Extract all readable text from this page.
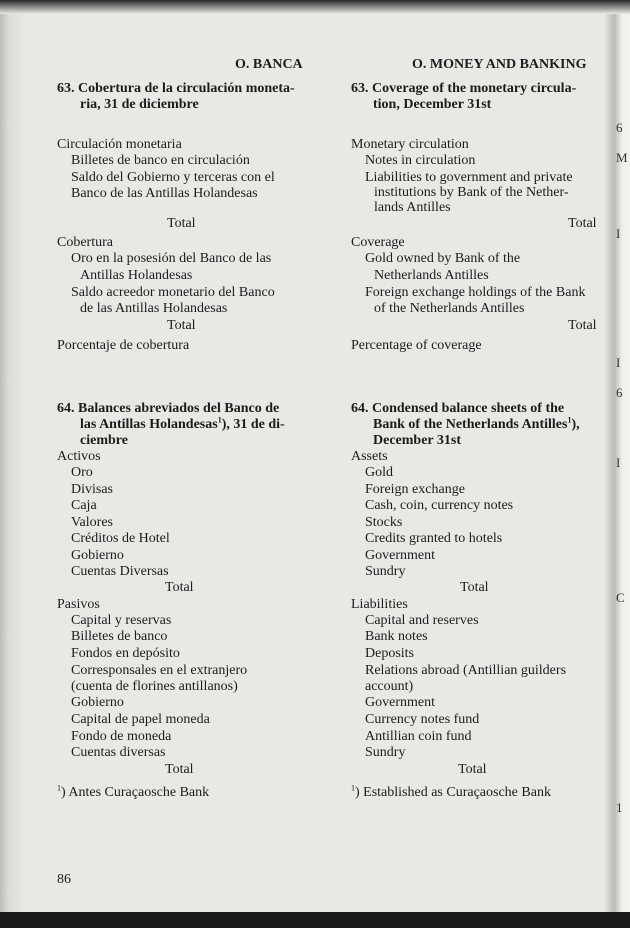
O. BANCA	O. MONEY AND BANKING
63. Cobertura de la circulación moneta-
ria, 31 de diciembre
63. Coverage of the monetary circula-
tion, December 31st
Circulación monetaria
Billetes de banco en circulación
Saldo del Gobierno y terceras con el
Banco de las Antillas Holandesas
Total
Cobertura
Oro en la posesión del Banco de las
Antillas Holandesas
Saldo acreedor monetario del Banco
de las Antillas Holandesas
Total
Porcentaje de cobertura
Monetary circulation
Notes in circulation
Liabilities to government and private
institutions by Bank of the Nether-
lands Antilles
Total
Coverage
Gold owned by Bank of the
Netherlands Antilles
Foreign exchange holdings of the Bank
of the Netherlands Antilles
Total
Percentage of coverage
64. Balances abreviados del Banco de
las Antillas Holandesas$^1$), 31 de di-
ciembre
64. Condensed balance sheets of the
Bank of the Netherlands Antilles$^1$),
December 31st
Activos
Oro
Divisas
Caja
Valores
Créditos de Hotel
Gobierno
Cuentas Diversas
Total
Pasivos
Capital y reservas
Billetes de banco
Fondos en depósito
Corresponsales en el extranjero
(cuenta de florines antillanos)
Gobierno
Capital de papel moneda
Fondo de moneda
Cuentas diversas
Total
$^1$) Antes Curaçaosche Bank
Assets
Gold
Foreign exchange
Cash, coin, currency notes
Stocks
Credits granted to hotels
Government
Sundry
Total
Liabilities
Capital and reserves
Bank notes
Deposits
Relations abroad (Antillian guilders
account)
Government
Currency notes fund
Antillian coin fund
Sundry
Total
$^1$) Established as Curaçaosche Bank
86
6
M
I
I
6
I
C
1
